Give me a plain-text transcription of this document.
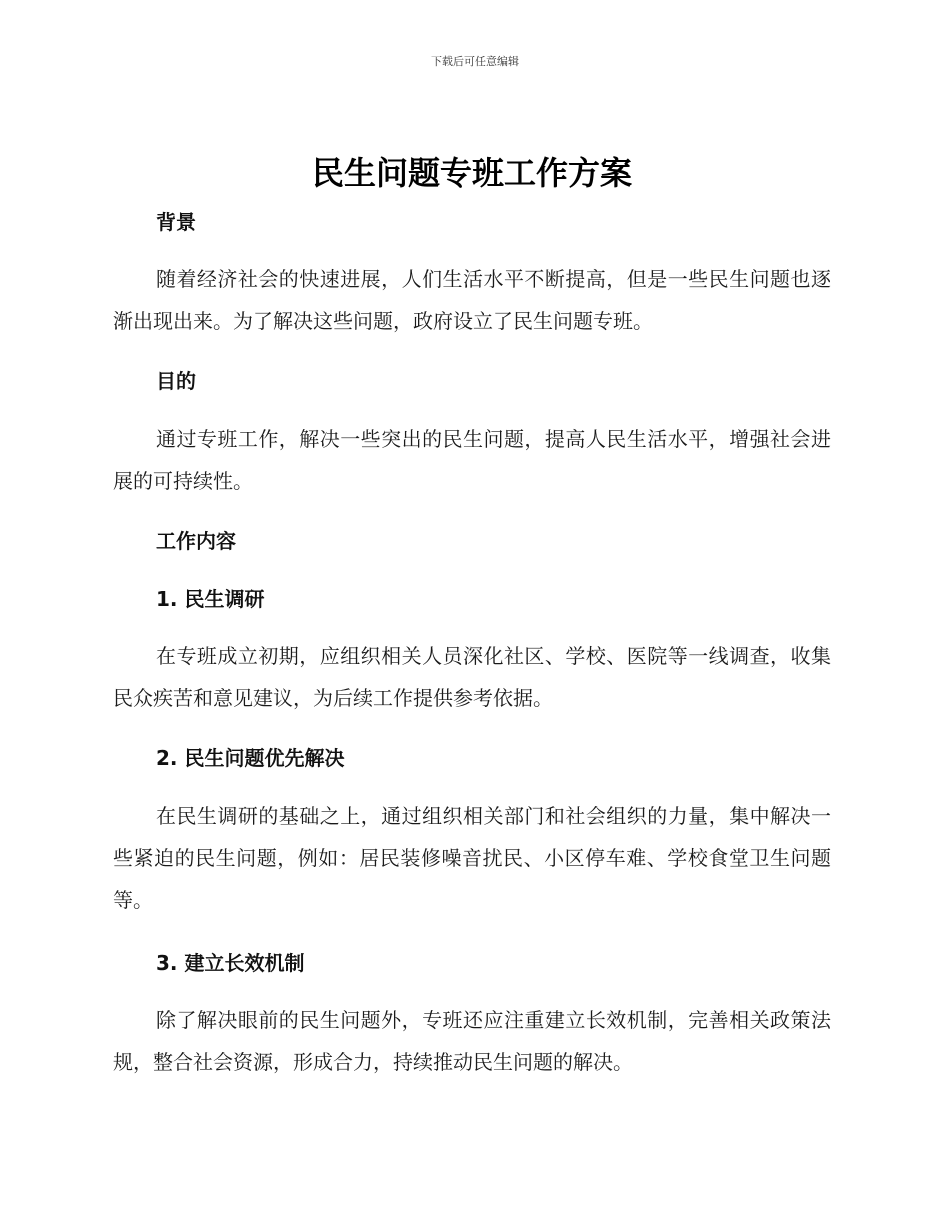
下载后可任意编辑
民生问题专班工作方案
背景

随着经济社会的快速进展，人们生活水平不断提高，但是一些民生问题也逐渐出现出来。为了解决这些问题，政府设立了民生问题专班。

目的

通过专班工作，解决一些突出的民生问题，提高人民生活水平，增强社会进展的可持续性。

工作内容
1. 民生调研

在专班成立初期，应组织相关人员深化社区、学校、医院等一线调查，收集民众疾苦和意见建议，为后续工作提供参考依据。

2. 民生问题优先解决

在民生调研的基础之上，通过组织相关部门和社会组织的力量，集中解决一些紧迫的民生问题，例如：居民装修噪音扰民、小区停车难、学校食堂卫生问题等。

3. 建立长效机制

除了解决眼前的民生问题外，专班还应注重建立长效机制，完善相关政策法规，整合社会资源，形成合力，持续推动民生问题的解决。
